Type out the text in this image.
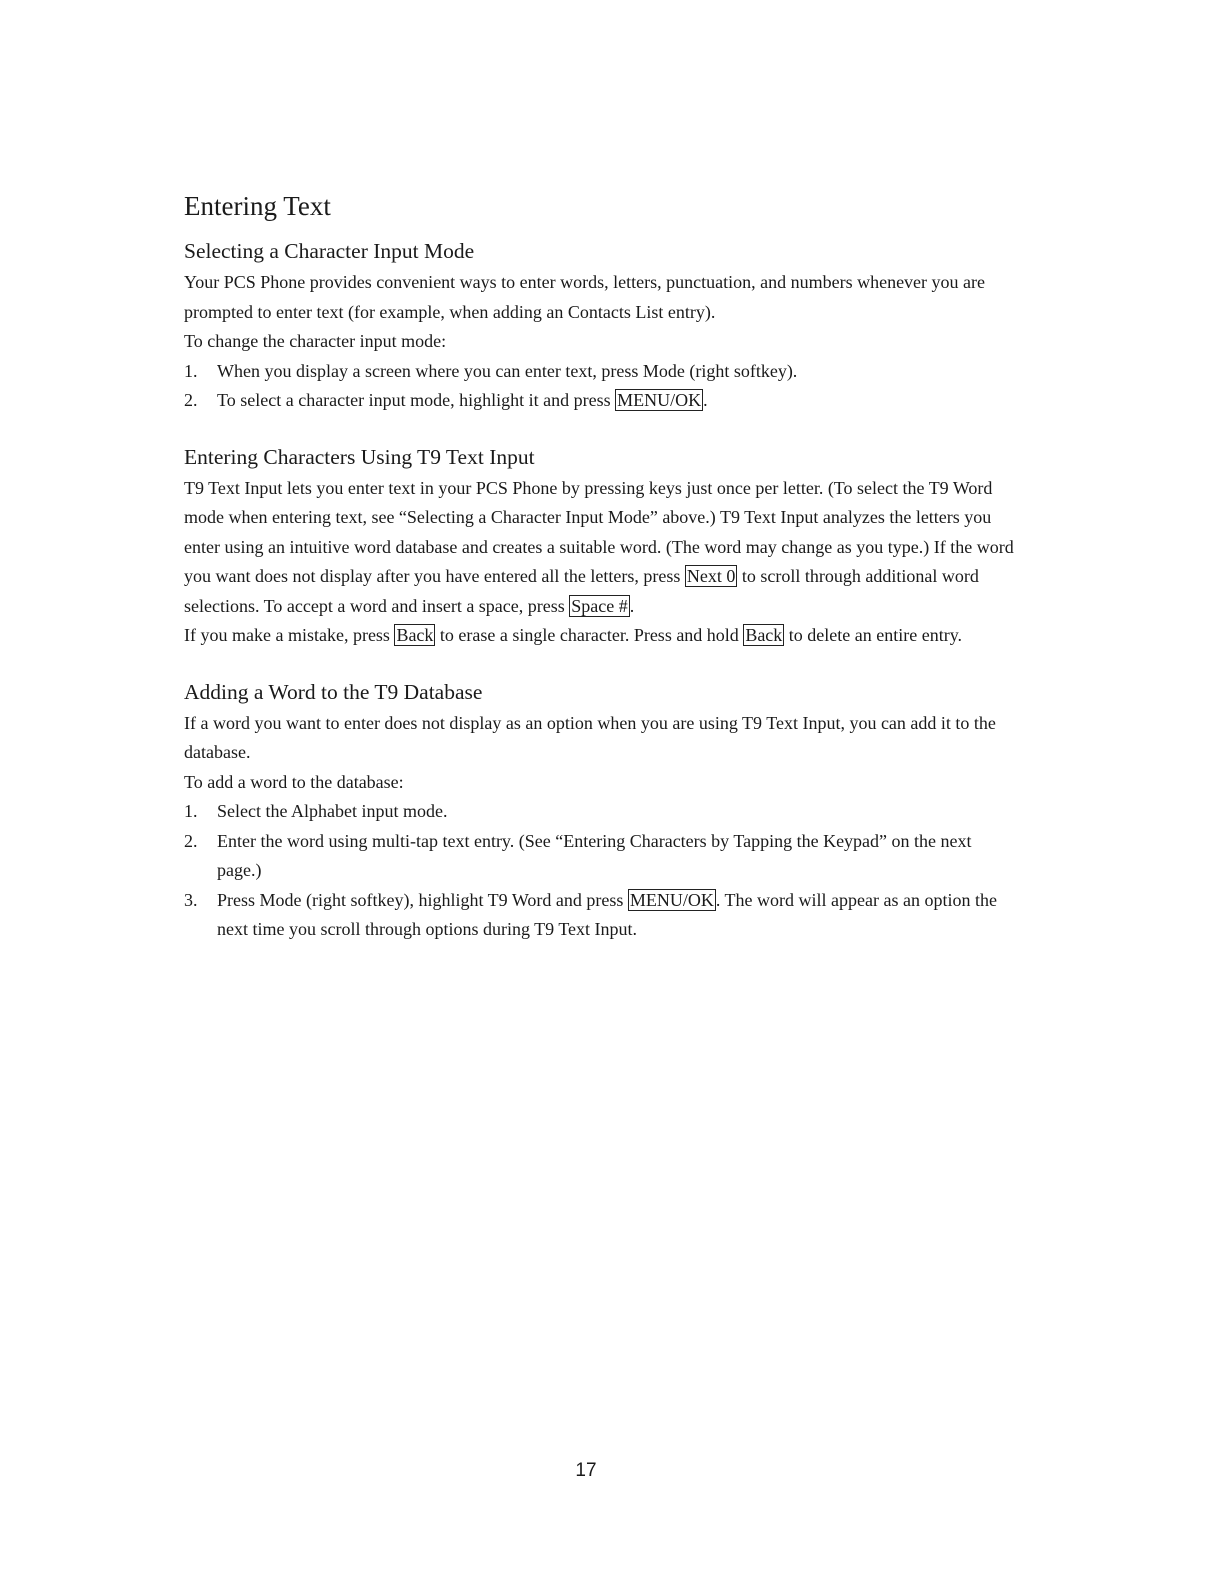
Entering Text
Selecting a Character Input Mode

Your PCS Phone provides convenient ways to enter words, letters, punctuation, and numbers whenever you are prompted to enter text (for example, when adding an Contacts List entry).

To change the character input mode:

1. When you display a screen where you can enter text, press Mode (right softkey).
2. To select a character input mode, highlight it and press MENU/OK .
Entering Characters Using T9 Text Input

T9 Text Input lets you enter text in your PCS Phone by pressing keys just once per letter. (To select the T9 Word mode when entering text, see “Selecting a Character Input Mode” above.) T9 Text Input analyzes the letters you enter using an intuitive word database and creates a suitable word. (The word may change as you type.) If the word you want does not display after you have entered all the letters, press Next 0 to scroll through additional word selections. To accept a word and insert a space, press Space # .

If you make a mistake, press Back to erase a single character. Press and hold Back to delete an entire entry.

Adding a Word to the T9 Database

If a word you want to enter does not display as an option when you are using T9 Text Input, you can add it to the database.

To add a word to the database:

1. Select the Alphabet input mode.
2. Enter the word using multi-tap text entry. (See “Entering Characters by Tapping the Keypad” on the next page.)
3. Press Mode (right softkey), highlight T9 Word and press MENU/OK . The word will appear as an option the next time you scroll through options during T9 Text Input.
17
